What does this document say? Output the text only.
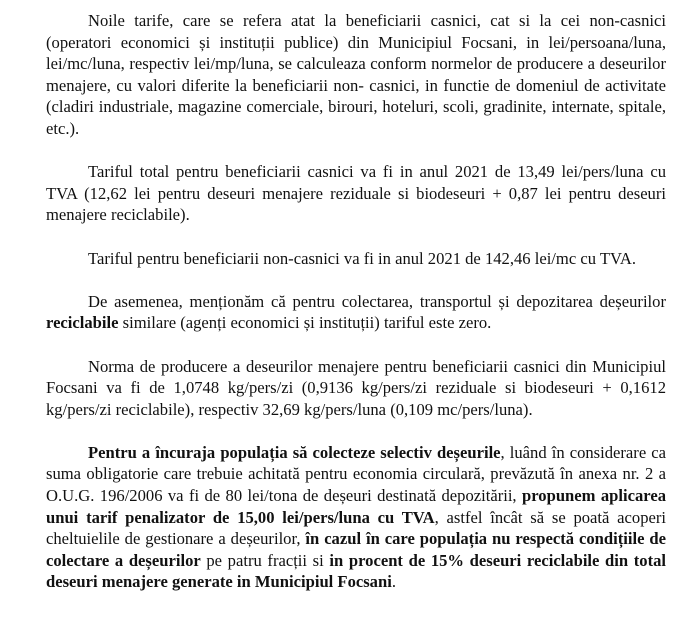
Noile tarife, care se refera atat la beneficiarii casnici, cat si la cei non-casnici (operatori economici și instituții publice) din Municipiul Focsani, in lei/persoana/luna, lei/mc/luna, respectiv lei/mp/luna, se calculeaza conform normelor de producere a deseurilor menajere, cu valori diferite la beneficiarii non- casnici, in functie de domeniul de activitate (cladiri industriale, magazine comerciale, birouri, hoteluri, scoli, gradinite, internate, spitale, etc.).

Tariful total pentru beneficiarii casnici va fi in anul 2021 de 13,49 lei/pers/luna cu TVA (12,62 lei pentru deseuri menajere reziduale si biodeseuri + 0,87 lei pentru deseuri menajere reciclabile).

Tariful pentru beneficiarii non-casnici va fi in anul 2021 de 142,46 lei/mc cu TVA.

De asemenea, menționăm că pentru colectarea, transportul și depozitarea deșeurilor reciclabile similare (agenți economici și instituții) tariful este zero.

Norma de producere a deseurilor menajere pentru beneficiarii casnici din Municipiul Focsani va fi de 1,0748 kg/pers/zi (0,9136 kg/pers/zi reziduale si biodeseuri + 0,1612 kg/pers/zi reciclabile), respectiv 32,69 kg/pers/luna (0,109 mc/pers/luna).

Pentru a încuraja populația să colecteze selectiv deșeurile, luând în considerare ca suma obligatorie care trebuie achitată pentru economia circulară, prevăzută în anexa nr. 2 a O.U.G. 196/2006 va fi de 80 lei/tona de deșeuri destinată depozitării, propunem aplicarea unui tarif penalizator de 15,00 lei/pers/luna cu TVA, astfel încât să se poată acoperi cheltuielile de gestionare a deșeurilor, în cazul în care populația nu respectă condițiile de colectare a deșeurilor pe patru fracții si in procent de 15% deseuri reciclabile din total deseuri menajere generate in Municipiul Focsani.
